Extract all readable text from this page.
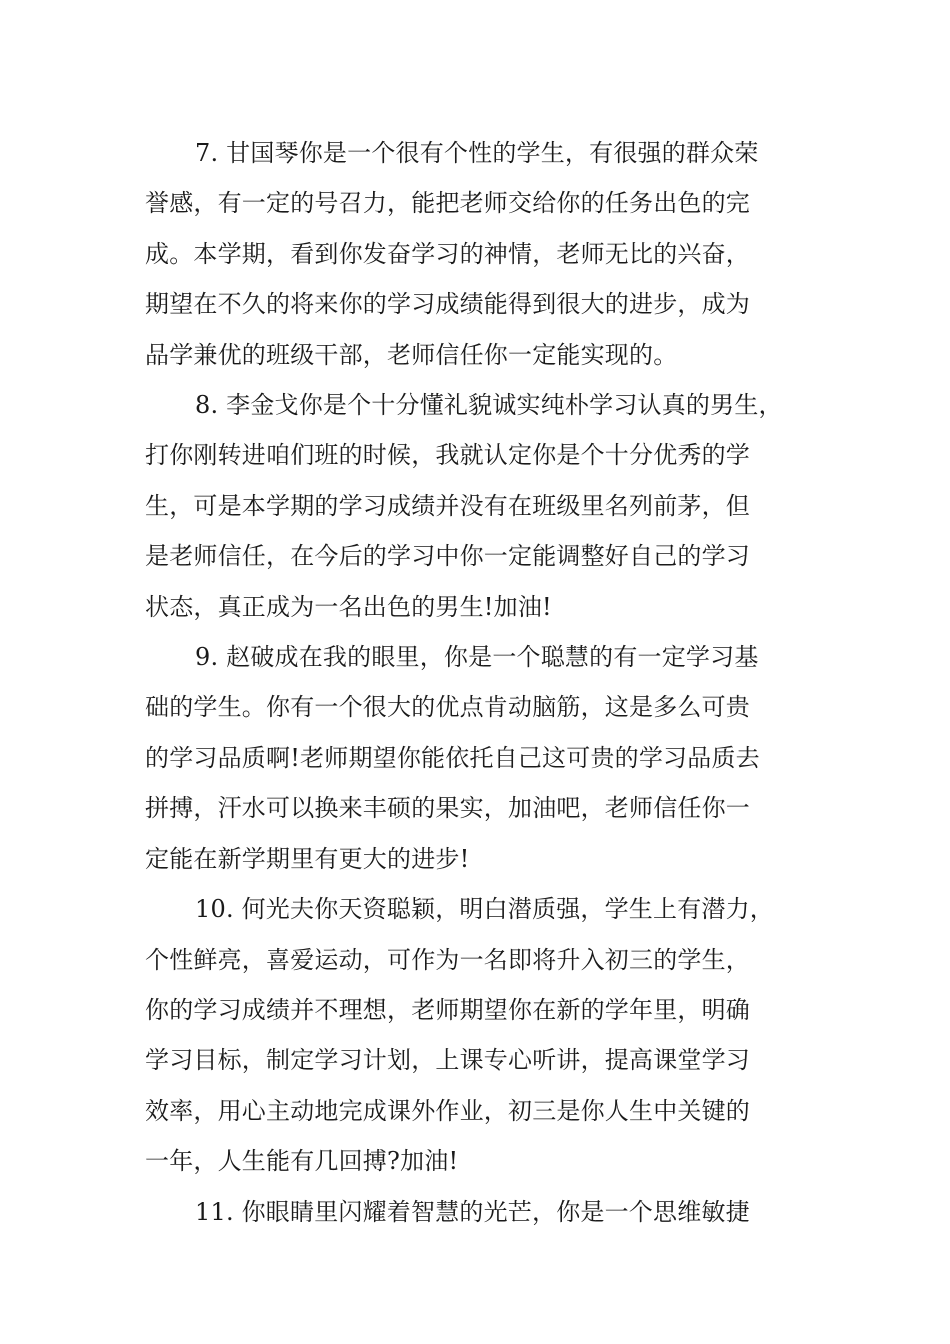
7. 甘国琴你是一个很有个性的学生，有很强的群众荣
誉感，有一定的号召力，能把老师交给你的任务出色的完
成。本学期，看到你发奋学习的神情，老师无比的兴奋，
期望在不久的将来你的学习成绩能得到很大的进步，成为
品学兼优的班级干部，老师信任你一定能实现的。

8. 李金戈你是个十分懂礼貌诚实纯朴学习认真的男生，
打你刚转进咱们班的时候，我就认定你是个十分优秀的学
生，可是本学期的学习成绩并没有在班级里名列前茅，但
是老师信任，在今后的学习中你一定能调整好自己的学习
状态，真正成为一名出色的男生!加油!

9. 赵破成在我的眼里，你是一个聪慧的有一定学习基
础的学生。你有一个很大的优点肯动脑筋，这是多么可贵
的学习品质啊!老师期望你能依托自己这可贵的学习品质去
拼搏，汗水可以换来丰硕的果实，加油吧，老师信任你一
定能在新学期里有更大的进步!

10. 何光夫你天资聪颖，明白潜质强，学生上有潜力，
个性鲜亮，喜爱运动，可作为一名即将升入初三的学生，
你的学习成绩并不理想，老师期望你在新的学年里，明确
学习目标，制定学习计划，上课专心听讲，提高课堂学习
效率，用心主动地完成课外作业，初三是你人生中关键的
一年，人生能有几回搏?加油!

11. 你眼睛里闪耀着智慧的光芒，你是一个思维敏捷
